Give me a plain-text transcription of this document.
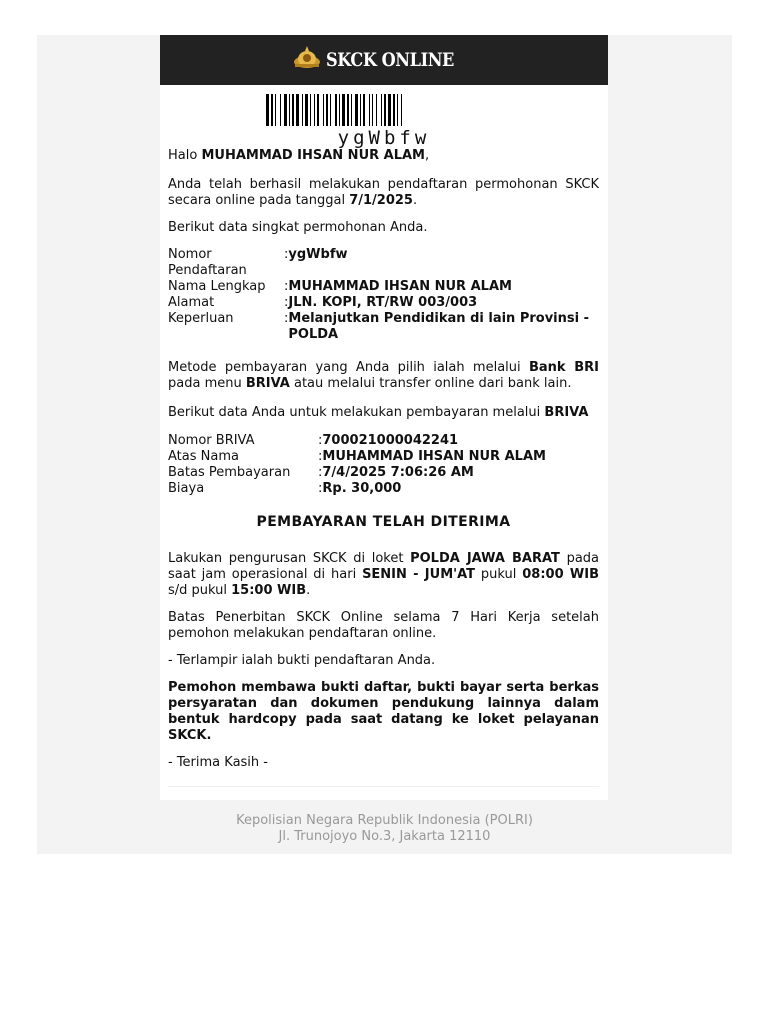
SKCK ONLINE
ygWbfw

Halo MUHAMMAD IHSAN NUR ALAM,

Anda telah berhasil melakukan pendaftaran permohonan SKCK secara online pada tanggal 7/1/2025.

Berikut data singkat permohonan Anda.

Nomor Pendaftaran	:	ygWbfw
Nama Lengkap	:	MUHAMMAD IHSAN NUR ALAM
Alamat	:	JLN. KOPI, RT/RW 003/003
Keperluan	:	Melanjutkan Pendidikan di lain Provinsi - POLDA

Metode pembayaran yang Anda pilih ialah melalui Bank BRI pada menu BRIVA atau melalui transfer online dari bank lain.

Berikut data Anda untuk melakukan pembayaran melalui BRIVA

Nomor BRIVA	:	700021000042241
Atas Nama	:	MUHAMMAD IHSAN NUR ALAM
Batas Pembayaran	:	7/4/2025 7:06:26 AM
Biaya	:	Rp. 30,000
PEMBAYARAN TELAH DITERIMA

Lakukan pengurusan SKCK di loket POLDA JAWA BARAT pada saat jam operasional di hari SENIN - JUM'AT pukul 08:00 WIB s/d pukul 15:00 WIB.

Batas Penerbitan SKCK Online selama 7 Hari Kerja setelah pemohon melakukan pendaftaran online.

- Terlampir ialah bukti pendaftaran Anda.

Pemohon membawa bukti daftar, bukti bayar serta berkas persyaratan dan dokumen pendukung lainnya dalam bentuk hardcopy pada saat datang ke loket pelayanan SKCK.

- Terima Kasih -

Kepolisian Negara Republik Indonesia (POLRI)
Jl. Trunojoyo No.3, Jakarta 12110
